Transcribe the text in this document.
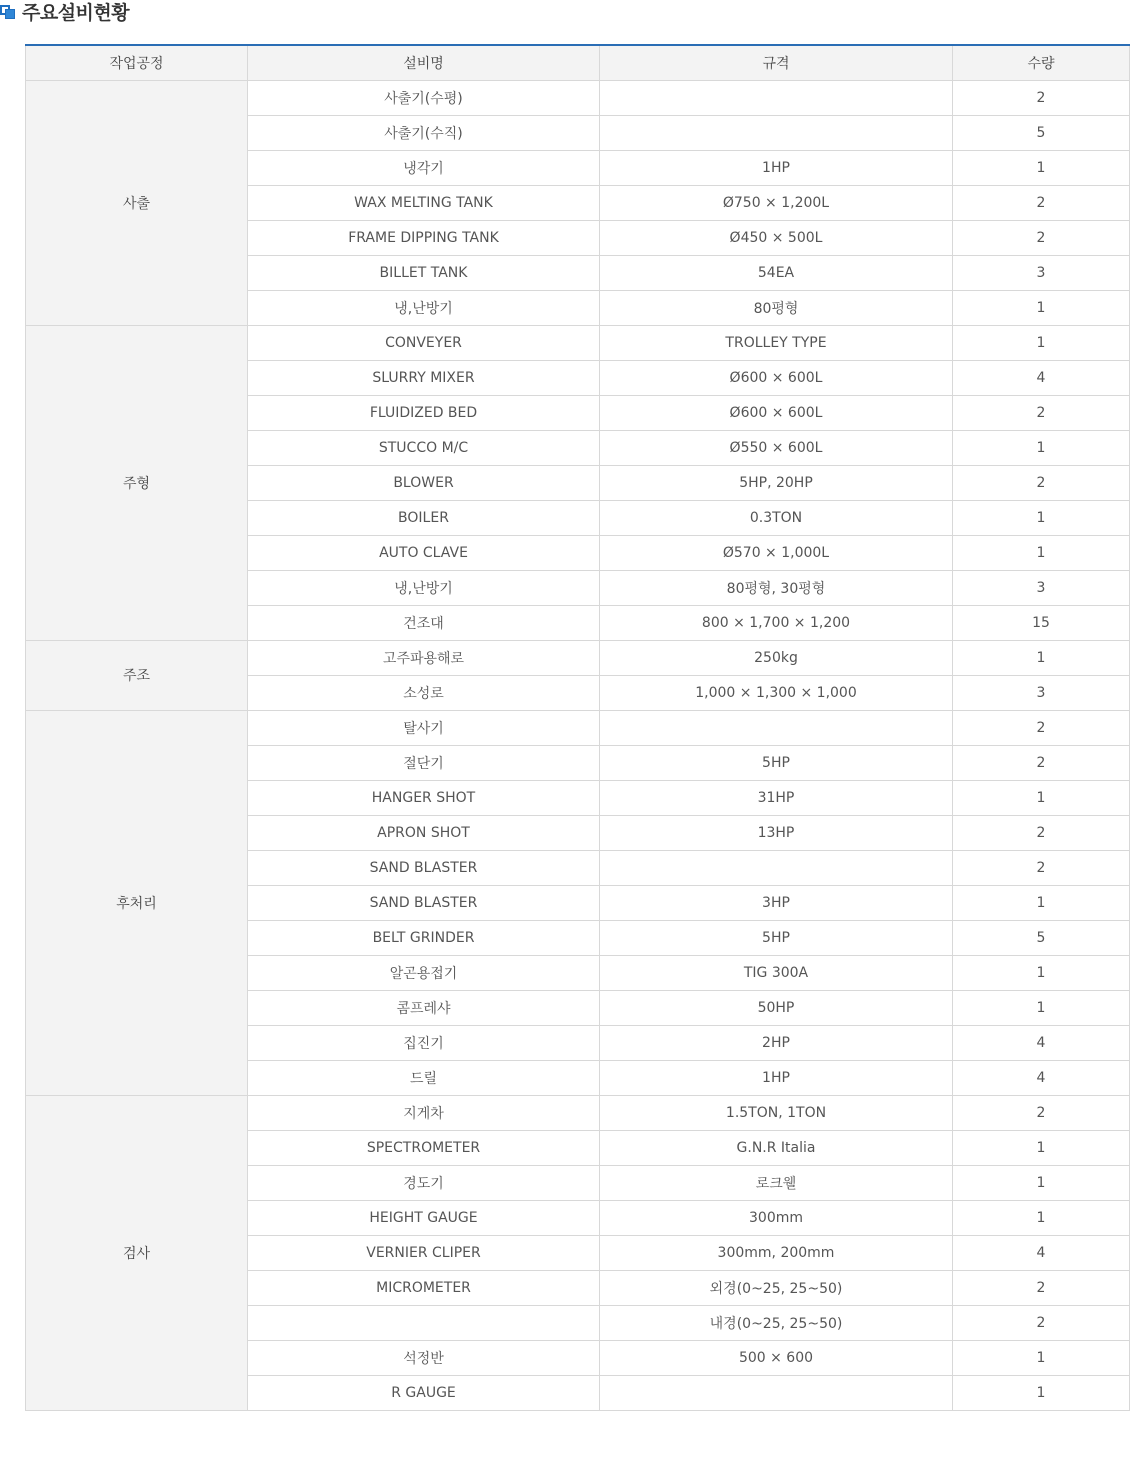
주요설비현황
작업공정	설비명	규격	수량
사출	사출기(수평)		2
	사출기(수직)		5
	냉각기	1HP	1
	WAX MELTING TANK	Ø750 × 1,200L	2
	FRAME DIPPING TANK	Ø450 × 500L	2
	BILLET TANK	54EA	3
	냉,난방기	80평형	1
주형	CONVEYER	TROLLEY TYPE	1
	SLURRY MIXER	Ø600 × 600L	4
	FLUIDIZED BED	Ø600 × 600L	2
	STUCCO M/C	Ø550 × 600L	1
	BLOWER	5HP, 20HP	2
	BOILER	0.3TON	1
	AUTO CLAVE	Ø570 × 1,000L	1
	냉,난방기	80평형, 30평형	3
	건조대	800 × 1,700 × 1,200	15
주조	고주파용해로	250kg	1
	소성로	1,000 × 1,300 × 1,000	3
후처리	탈사기		2
	절단기	5HP	2
	HANGER SHOT	31HP	1
	APRON SHOT	13HP	2
	SAND BLASTER		2
	SAND BLASTER	3HP	1
	BELT GRINDER	5HP	5
	알곤용접기	TIG 300A	1
	콤프레샤	50HP	1
	집진기	2HP	4
	드릴	1HP	4
검사	지게차	1.5TON, 1TON	2
	SPECTROMETER	G.N.R Italia	1
	경도기	로크웰	1
	HEIGHT GAUGE	300mm	1
	VERNIER CLIPER	300mm, 200mm	4
	MICROMETER	외경(0~25, 25~50)	2
		내경(0~25, 25~50)	2
	석정반	500 × 600	1
	R GAUGE		1
